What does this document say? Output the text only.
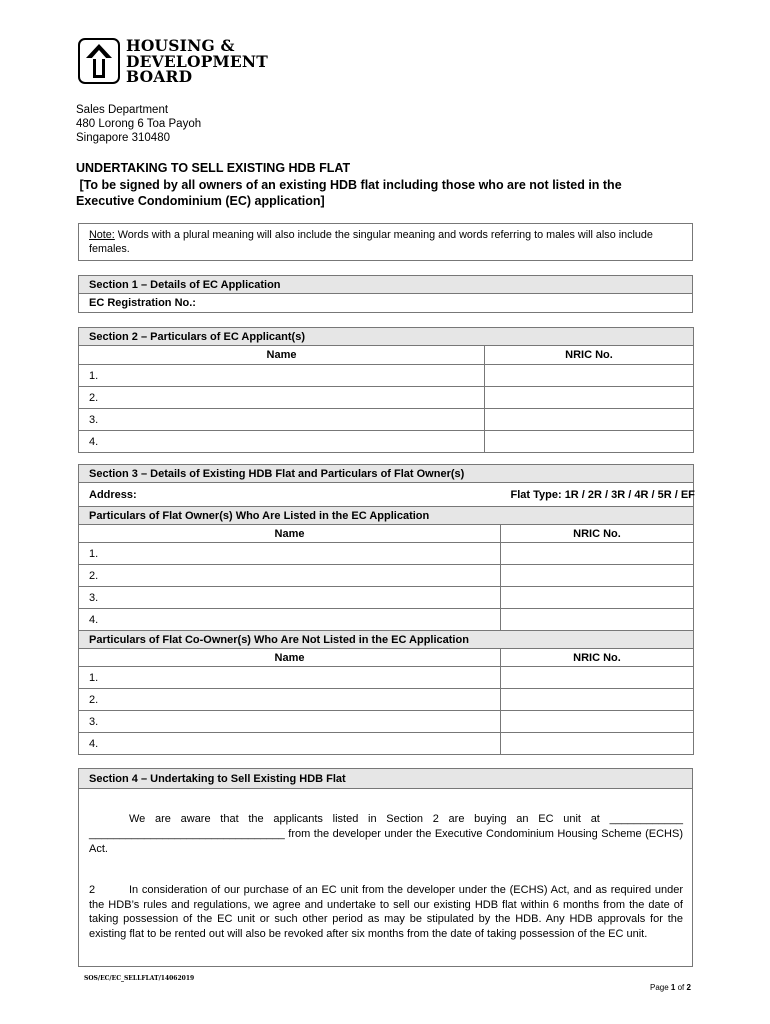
HOUSING &
DEVELOPMENT
BOARD
Sales Department
480 Lorong 6 Toa Payoh
Singapore 310480
UNDERTAKING TO SELL EXISTING HDB FLAT
[To be signed by all owners of an existing HDB flat including those who are not listed in the
Executive Condominium (EC) application]
Note: Words with a plural meaning will also include the singular meaning and words referring to males will also include females.
Section 1 – Details of EC Application
EC Registration No.:
Section 2 – Particulars of EC Applicant(s)	
Name	NRIC No.
1.	
2.	
3.	
4.	
Section 3 – Details of Existing HDB Flat and Particulars of Flat Owner(s)	
Address:	Flat Type: 1R / 2R / 3R / 4R / 5R / EF
Particulars of Flat Owner(s) Who Are Listed in the EC Application	
Name	NRIC No.
1.	
2.	
3.	
4.	
Particulars of Flat Co-Owner(s) Who Are Not Listed in the EC Application	
Name	NRIC No.
1.	
2.	
3.	
4.	
Section 4 – Undertaking to Sell Existing HDB Flat
We are aware that the applicants listed in Section 2 are buying an EC unit at ____________ ________________________________ from the developer under the Executive Condominium Housing Scheme (ECHS) Act.
2	In consideration of our purchase of an EC unit from the developer under the (ECHS) Act, and as required under the HDB’s rules and regulations, we agree and undertake to sell our existing HDB flat within 6 months from the date of taking possession of the EC unit or such other period as may be stipulated by the HDB. Any HDB approvals for the existing flat to be rented out will also be revoked after six months from the date of taking possession of the EC unit.
SOS/EC/EC_SELLFLAT/14062019
Page 1 of 2
